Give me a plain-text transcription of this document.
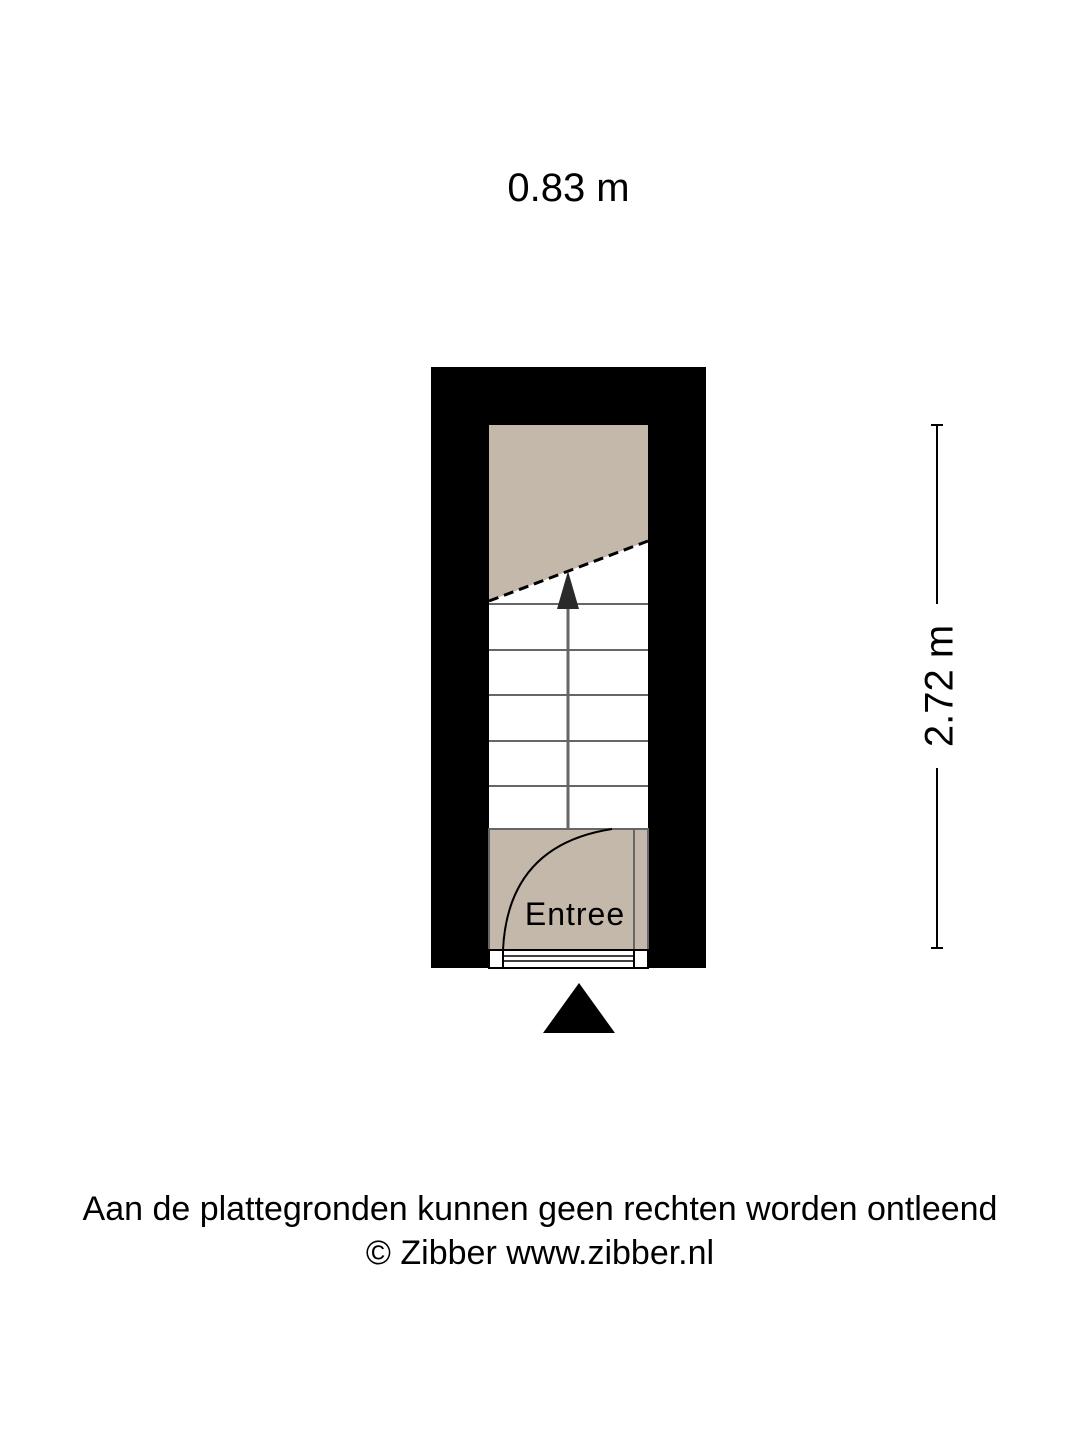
0.83 m
Entree
2.72 m
Aan de plattegronden kunnen geen rechten worden ontleend
© Zibber www.zibber.nl
